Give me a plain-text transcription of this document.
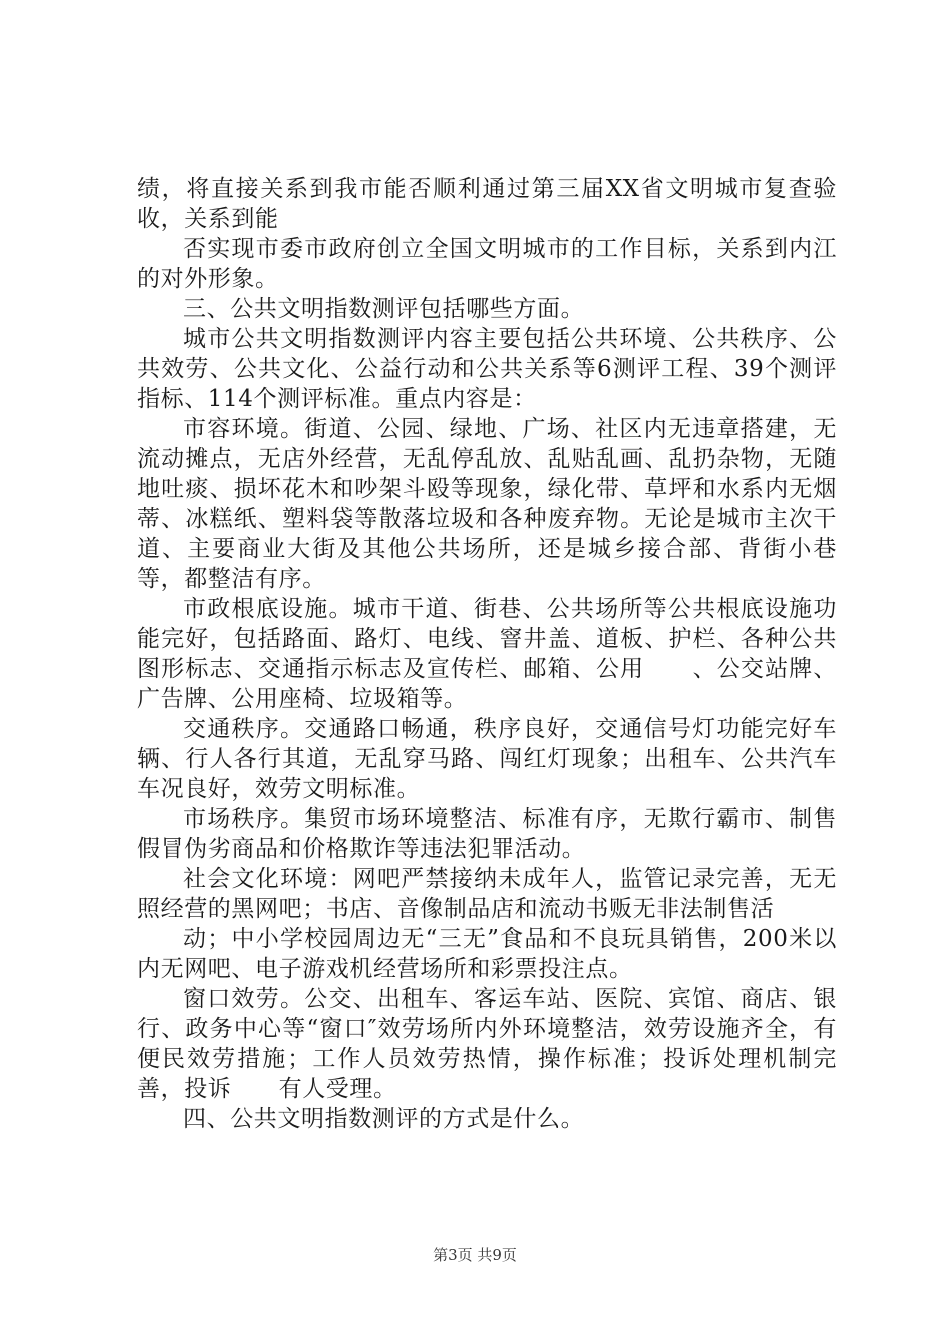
绩，将直接关系到我市能否顺利通过第三届XX省文明城市复查验收，关系到能

否实现市委市政府创立全国文明城市的工作目标，关系到内江的对外形象。

三、公共文明指数测评包括哪些方面。

城市公共文明指数测评内容主要包括公共环境、公共秩序、公共效劳、公共文化、公益行动和公共关系等6测评工程、39个测评指标、114个测评标准。重点内容是：

市容环境。街道、公园、绿地、广场、社区内无违章搭建，无流动摊点，无店外经营，无乱停乱放、乱贴乱画、乱扔杂物，无随地吐痰、损坏花木和吵架斗殴等现象，绿化带、草坪和水系内无烟蒂、冰糕纸、塑料袋等散落垃圾和各种废弃物。无论是城市主次干道、主要商业大街及其他公共场所，还是城乡接合部、背街小巷等，都整洁有序。

市政根底设施。城市干道、街巷、公共场所等公共根底设施功能完好，包括路面、路灯、电线、窨井盖、道板、护栏、各种公共图形标志、交通指示标志及宣传栏、邮箱、公用　　、公交站牌、广告牌、公用座椅、垃圾箱等。

交通秩序。交通路口畅通，秩序良好，交通信号灯功能完好车辆、行人各行其道，无乱穿马路、闯红灯现象；出租车、公共汽车车况良好，效劳文明标准。

市场秩序。集贸市场环境整洁、标准有序，无欺行霸市、制售假冒伪劣商品和价格欺诈等违法犯罪活动。

社会文化环境：网吧严禁接纳未成年人，监管记录完善，无无照经营的黑网吧；书店、音像制品店和流动书贩无非法制售活

动；中小学校园周边无“三无”食品和不良玩具销售，200米以内无网吧、电子游戏机经营场所和彩票投注点。

窗口效劳。公交、出租车、客运车站、医院、宾馆、商店、银行、政务中心等“窗口″效劳场所内外环境整洁，效劳设施齐全，有便民效劳措施；工作人员效劳热情，操作标准；投诉处理机制完善，投诉　　有人受理。

四、公共文明指数测评的方式是什么。

第3页 共9页
